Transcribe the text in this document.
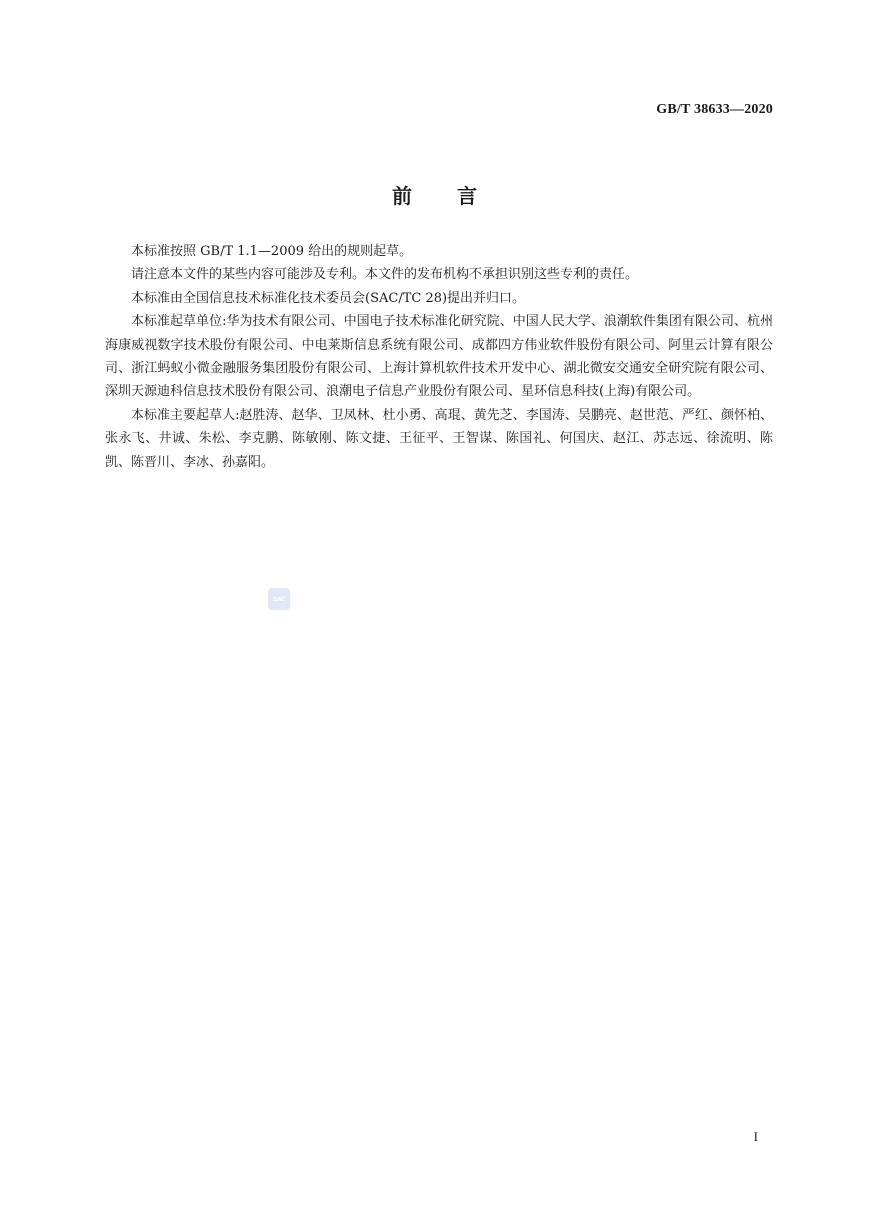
GB/T 38633—2020
前言

本标准按照 GB/T 1.1—2009 给出的规则起草。

请注意本文件的某些内容可能涉及专利。本文件的发布机构不承担识别这些专利的责任。

本标准由全国信息技术标准化技术委员会(SAC/TC 28)提出并归口。

本标准起草单位:华为技术有限公司、中国电子技术标准化研究院、中国人民大学、浪潮软件集团有限公司、杭州海康威视数字技术股份有限公司、中电莱斯信息系统有限公司、成都四方伟业软件股份有限公司、阿里云计算有限公司、浙江蚂蚁小微金融服务集团股份有限公司、上海计算机软件技术开发中心、湖北微安交通安全研究院有限公司、深圳天源迪科信息技术股份有限公司、浪潮电子信息产业股份有限公司、星环信息科技(上海)有限公司。

本标准主要起草人:赵胜涛、赵华、卫凤林、杜小勇、高琨、黄先芝、李国涛、吴鹏亮、赵世范、严红、颜怀柏、张永飞、井诚、朱松、李克鹏、陈敏刚、陈文捷、王征平、王智谋、陈国礼、何国庆、赵江、苏志远、徐流明、陈凯、陈晋川、李冰、孙嘉阳。

SAC
I
